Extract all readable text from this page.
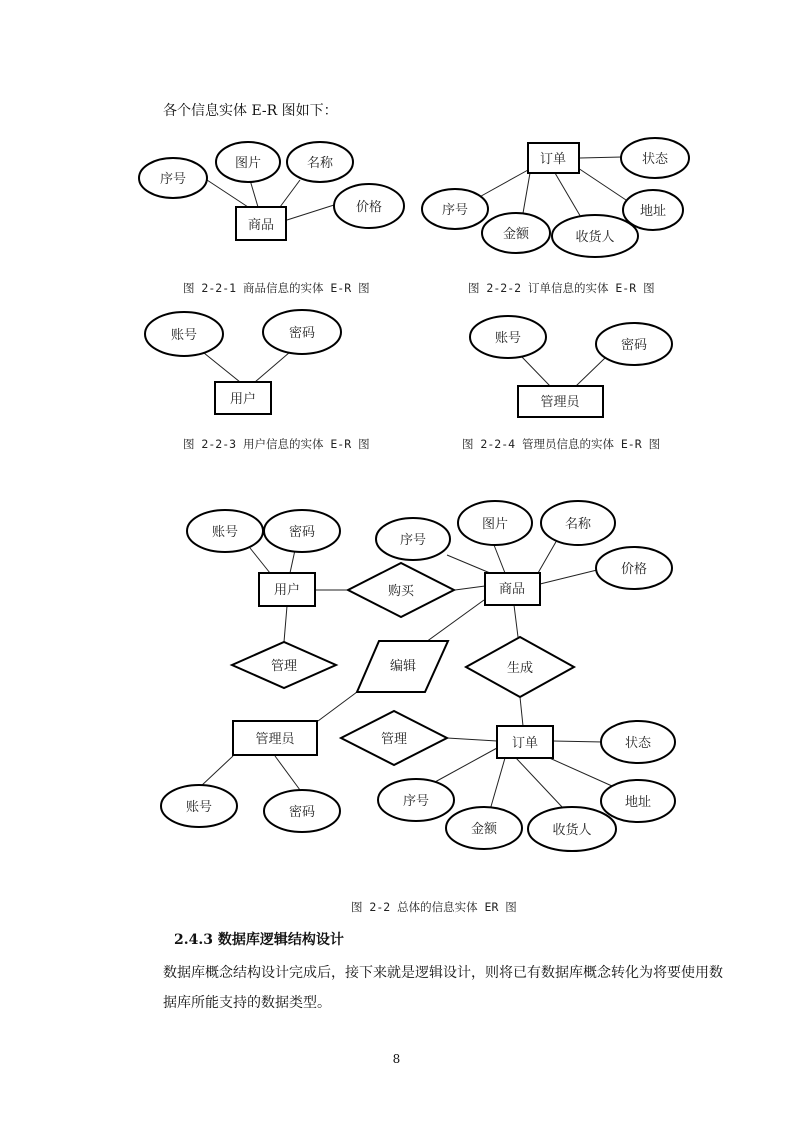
各个信息实体 E-R 图如下：
商品
序号
图片	名称
价格
订单	状态
序号	地址
金额	收货人
用户
账号	密码
管理员
账号	密码
用户	商品
管理员	订单
购买
管理	编辑	生成
管理
账号	密码
序号
图片	名称
价格
账号	密码
序号
金额	收货人
地址
状态
图 2-2-1 商品信息的实体 E-R 图	图 2-2-2 订单信息的实体 E-R 图
图 2-2-3 用户信息的实体 E-R 图	图 2-2-4 管理员信息的实体 E-R 图
图 2-2 总体的信息实体 ER 图
2.4.3 数据库逻辑结构设计
数据库概念结构设计完成后，接下来就是逻辑设计，则将已有数据库概念转化为将要使用数
据库所能支持的数据类型。
8
